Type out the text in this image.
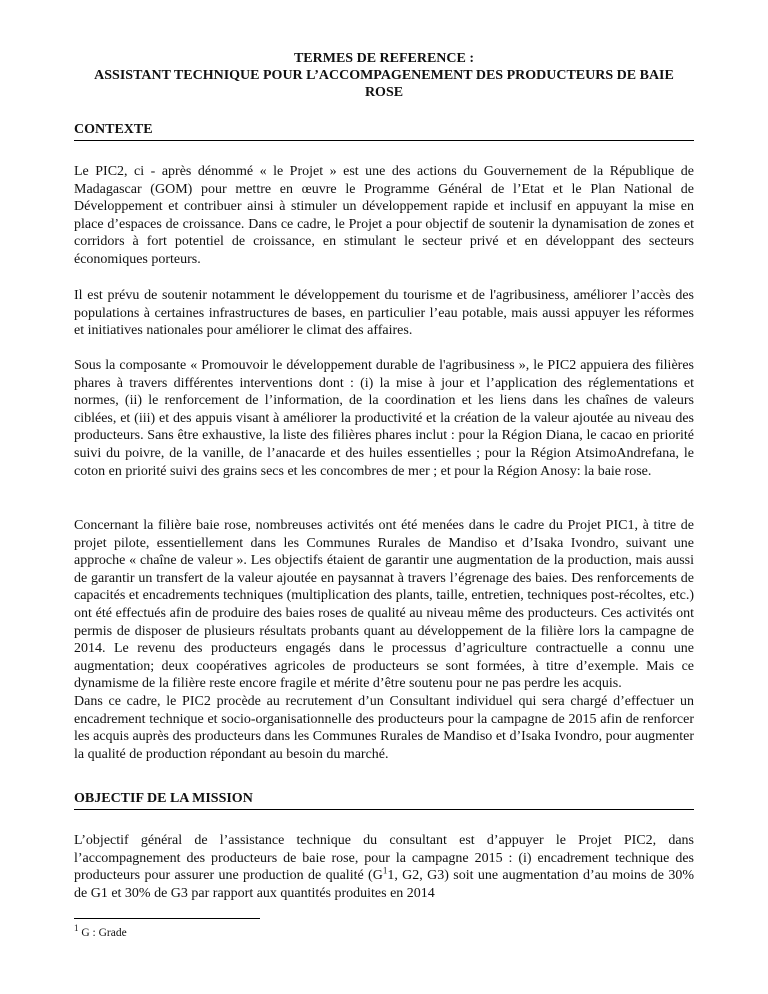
TERMES DE REFERENCE :
ASSISTANT TECHNIQUE POUR L’ACCOMPAGENEMENT DES PRODUCTEURS DE BAIE ROSE
CONTEXTE

Le PIC2, ci - après dénommé « le Projet » est une des actions du Gouvernement de la République de Madagascar (GOM) pour mettre en œuvre le Programme Général de l’Etat et le Plan National de Développement et contribuer ainsi à stimuler un développement rapide et inclusif en appuyant la mise en place d’espaces de croissance. Dans ce cadre, le Projet a pour objectif de soutenir la dynamisation de zones et corridors à fort potentiel de croissance, en stimulant le secteur privé et en développant des secteurs économiques porteurs.

Il est prévu de soutenir notamment le développement du tourisme et de l'agribusiness, améliorer l’accès des populations à certaines infrastructures de bases, en particulier l’eau potable, mais aussi appuyer les réformes et initiatives nationales pour améliorer le climat des affaires.

Sous la composante « Promouvoir le développement durable de l'agribusiness », le PIC2 appuiera des filières phares à travers différentes interventions dont : (i) la mise à jour et l’application des réglementations et normes, (ii) le renforcement de l’information, de la coordination et les liens dans les chaînes de valeurs ciblées, et (iii) et des appuis visant à améliorer la productivité et la création de la valeur ajoutée au niveau des producteurs. Sans être exhaustive, la liste des filières phares inclut : pour la Région Diana, le cacao en priorité suivi du poivre, de la vanille, de l’anacarde et des huiles essentielles ; pour la Région AtsimoAndrefana, le coton en priorité suivi des grains secs et les concombres de mer ; et pour la Région Anosy: la baie rose.

Concernant la filière baie rose, nombreuses activités ont été menées dans le cadre du Projet PIC1, à titre de projet pilote, essentiellement dans les Communes Rurales de Mandiso et d’Isaka Ivondro, suivant une approche « chaîne de valeur ». Les objectifs étaient de garantir une augmentation de la production, mais aussi de garantir un transfert de la valeur ajoutée en paysannat à travers l’égrenage des baies. Des renforcements de capacités et encadrements techniques (multiplication des plants, taille, entretien, techniques post-récoltes, etc.) ont été effectués afin de produire des baies roses de qualité au niveau même des producteurs. Ces activités ont permis de disposer de plusieurs résultats probants quant au développement de la filière lors la campagne de 2014. Le revenu des producteurs engagés dans le processus d’agriculture contractuelle a connu une augmentation; deux coopératives agricoles de producteurs se sont formées, à titre d’exemple. Mais ce dynamisme de la filière reste encore fragile et mérite d’être soutenu pour ne pas perdre les acquis.

Dans ce cadre, le PIC2 procède au recrutement d’un Consultant individuel qui sera chargé d’effectuer un encadrement technique et socio-organisationnelle des producteurs pour la campagne de 2015 afin de renforcer les acquis auprès des producteurs dans les Communes Rurales de Mandiso et d’Isaka Ivondro, pour augmenter la qualité de production répondant au besoin du marché.

OBJECTIF DE LA MISSION

L’objectif général de l’assistance technique du consultant est d’appuyer le Projet PIC2, dans l’accompagnement des producteurs de baie rose, pour la campagne 2015 : (i) encadrement technique des producteurs pour assurer une production de qualité ($G^11$, G2, G3) soit une augmentation d’au moins de 30% de G1 et 30% de G3 par rapport aux quantités produites en 2014

$^1$ G : Grade
